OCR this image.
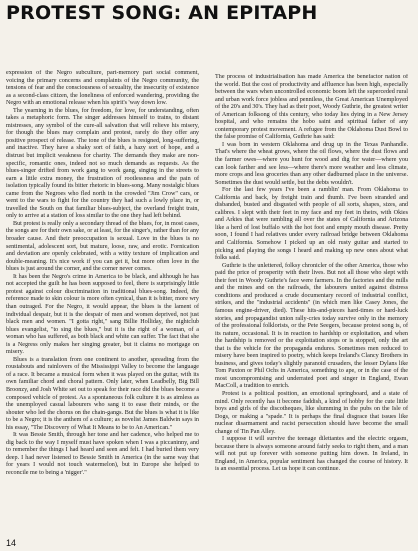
PROTEST SONG: AN EPITAPH

expression of the Negro subculture, part-memory part social comment, voicing the primary concerns and complaints of the Negro community, the tensions of fear and the consciousness of sexuality, the insecurity of existence as a second-class citizen, the loneliness of enforced wandering, providing the Negro with an emotional release when his spirit's 'way down low.

The yearning in the blues, for freedom, for love, for understanding, often takes a metaphoric form. The singer addresses himself to trains, to distant mistresses, any symbol of the cure-all salvation that will relieve his misery, for though the blues may complain and protest, rarely do they offer any positive prospect of release. The tone of the blues is resigned, long-suffering, and inactive. They have a shaky sort of faith, a hazy sort of hope, and a distrust but implicit weakness for charity. The demands they make are non-specific, romantic ones, indeed not so much demands as requests. As the blues-singer drifted from work gang to work gang, singing in the streets to earn a little extra money, the frustration of rootlessness and the pain of isolation typically found its bitter rhetoric in blues-song. Many nostalgic blues came from the Negroes who fled north in the crowded "Jim Crow" cars, or went to the wars to fight for the country they had such a lowly place in, or travelled the South on that familiar blues-subject, the overland freight train, only to arrive at a station of loss similar to the one they had left behind.

But protest is really only a secondary thread of the blues, for, in most cases, the songs are for their own sake, or at least, for the singer's, rather than for any broader cause. And their preoccupation is sexual. Love in the blues is no sentimental, adolescent sort, but mature, loose, raw, and erotic. Fornication and deviation are openly celebrated, with a witty texture of implication and double-meaning. It's nice work if you can get it, but more often love in the blues is just around the corner, and the corner never comes.

It has been the Negro's crime in America to be black, and although he has not accepted the guilt he has been supposed to feel, there is surprisingly little protest against colour discrimination in traditional blues-song. Indeed, the reference made to skin colour is more often cynical, than it is bitter, more wry than outraged. For the Negro, it would appear, the blues is the lament of individual despair, but it is the despair of men and women deprived, not just black men and women. "I gotta right," sang Billie Holliday, the nightclub blues evangelist, "to sing the blues," but it is the right of a woman, of a woman who has suffered, as both black and white can suffer. The fact that she is a Negress only makes her singing greater, but it claims no mortgage on misery.

Blues is a translation from one continent to another, spreading from the roustabouts and rainlovers of the Mississippi Valley to become the language of a race. It became a musical form when it was played on the guitar, with its own familiar chord and choral pattern. Only later, when Leadbelly, Big Bill Broonzy, and Josh White set out to speak for their race did the blues become a composed vehicle of protest. As a spontaneous folk culture it is as aimless as the unemployed casual labourers who sang it to ease their minds, or the shouter who led the chorus on the chain-gangs. But the blues is what it is like to be a Negro; it is the anthem of a culture; as novelist James Baldwin says in his essay, "The Discovery of What It Means to be to An American."

It was Bessie Smith, through her tone and her cadence, who helped me to dig back to the way I myself must have spoken when I was a piccaninny, and to remember the things I had heard and seen and felt. I had buried them very deep. I had never listened to Bessie Smith in America (in the same way that for years I would not touch watermelon), but in Europe she helped to reconcile me to being a 'nigger'."

The process of industrialisation has made America the benefactor nation of the world. But the cost of productivity and affluence has been high, especially between the wars when uncontrolled economic boom left the superceded rural and urban work force jobless and penniless, the Great American Unemployed of the 20's and 30's. They had as their poet, Woody Guthrie, the greatest writer of American folksong of this century, who today lies dying in a New Jersey hospital, and who remains the hobo saint and spiritual father of any contemporary protest movement. A refugee from the Oklahoma Dust Bowl to the false promise of California, Guthrie has said:

I was born in western Oklahoma and drug up in the Texas Panhandle. That's where the wheat grows, where the oil flows, where the dust flows and the farmer owes—where you hunt for wood and dig for water—where you can look farther and see less—where there's more weather and less climate, more crops and less groceries than any other dadburned place in the universe. Sometimes the dust would settle, but the debts wouldn't.

For the last few years I've been a ramblin' man. From Oklahoma to California and back, by freight train and thumb. I've been stranded and disbanded, busted and disgusted with people of all sorts, shapes, sizes, and calibres. I slept with their feet in my face and my feet in theirs, with Okies and Arkies that were rambling all over the states of California and Arizona like a herd of lost buffalo with the hot foot and empty mouth disease. Pretty soon, I found I had relatives under every railroad bridge between Oklahoma and California. Somehow I picked up an old rusty guitar and started to picking and playing the songs I heard and making up new ones about what folks said.

Guthrie is the unlettered, folksy chronicler of the other America, those who paid the price of prosperity with their lives. But not all those who slept with their feet in Woody Guthrie's face were farmers. In the factories and the mills and the mines and on the railroads, the labourers united against distress conditions and produced a crude documentary record of industrial conflict, strikes, and the "industrial accidents" (in which men like Casey Jones, the famous engine-driver, died). These hits-and-pieces hard-times or hard-luck stories, and propagandist union rally-cries today survive only in the memory of the professional folklorists, or the Pete Seegers, because protest song is, of its nature, occasional. It is in reaction to hardship or exploitation, and when the hardship is removed or the exploitation stops or is stopped, only the art that is the vehicle for the propaganda endures. Sometimes men reduced to misery have been inspired to poetry, which keeps Ireland's Clancy Brothers in business, and gives today's slightly paranoid crusaders, the lesser Dylans like Tom Paxton or Phil Ochs in America, something to ape, or in the case of the most uncompromising and underrated poet and singer in England, Ewan MacColl, a tradition to enrich.

Protest is a political position, an emotional springboard, and a state of mind. Only recently has it become faddish, a kind of hobby for the cute little boys and girls of the discotheques, like slumming in the pubs on the Isle of Dogs, or making a "spade." It is perhaps the final disgrace that issues like nuclear disarmament and racist persecution should have become the small change of Tin Pan Alley.

I suppose it will survive the teenage dilettantes and the electric orgasm, because there is always someone around fairly seeks to right them, and a man will not put up forever with someone putting him down. In Ireland, in England, in America, popular sentiment has changed the course of history. It is an essential process. Let us hope it can continue.

14
